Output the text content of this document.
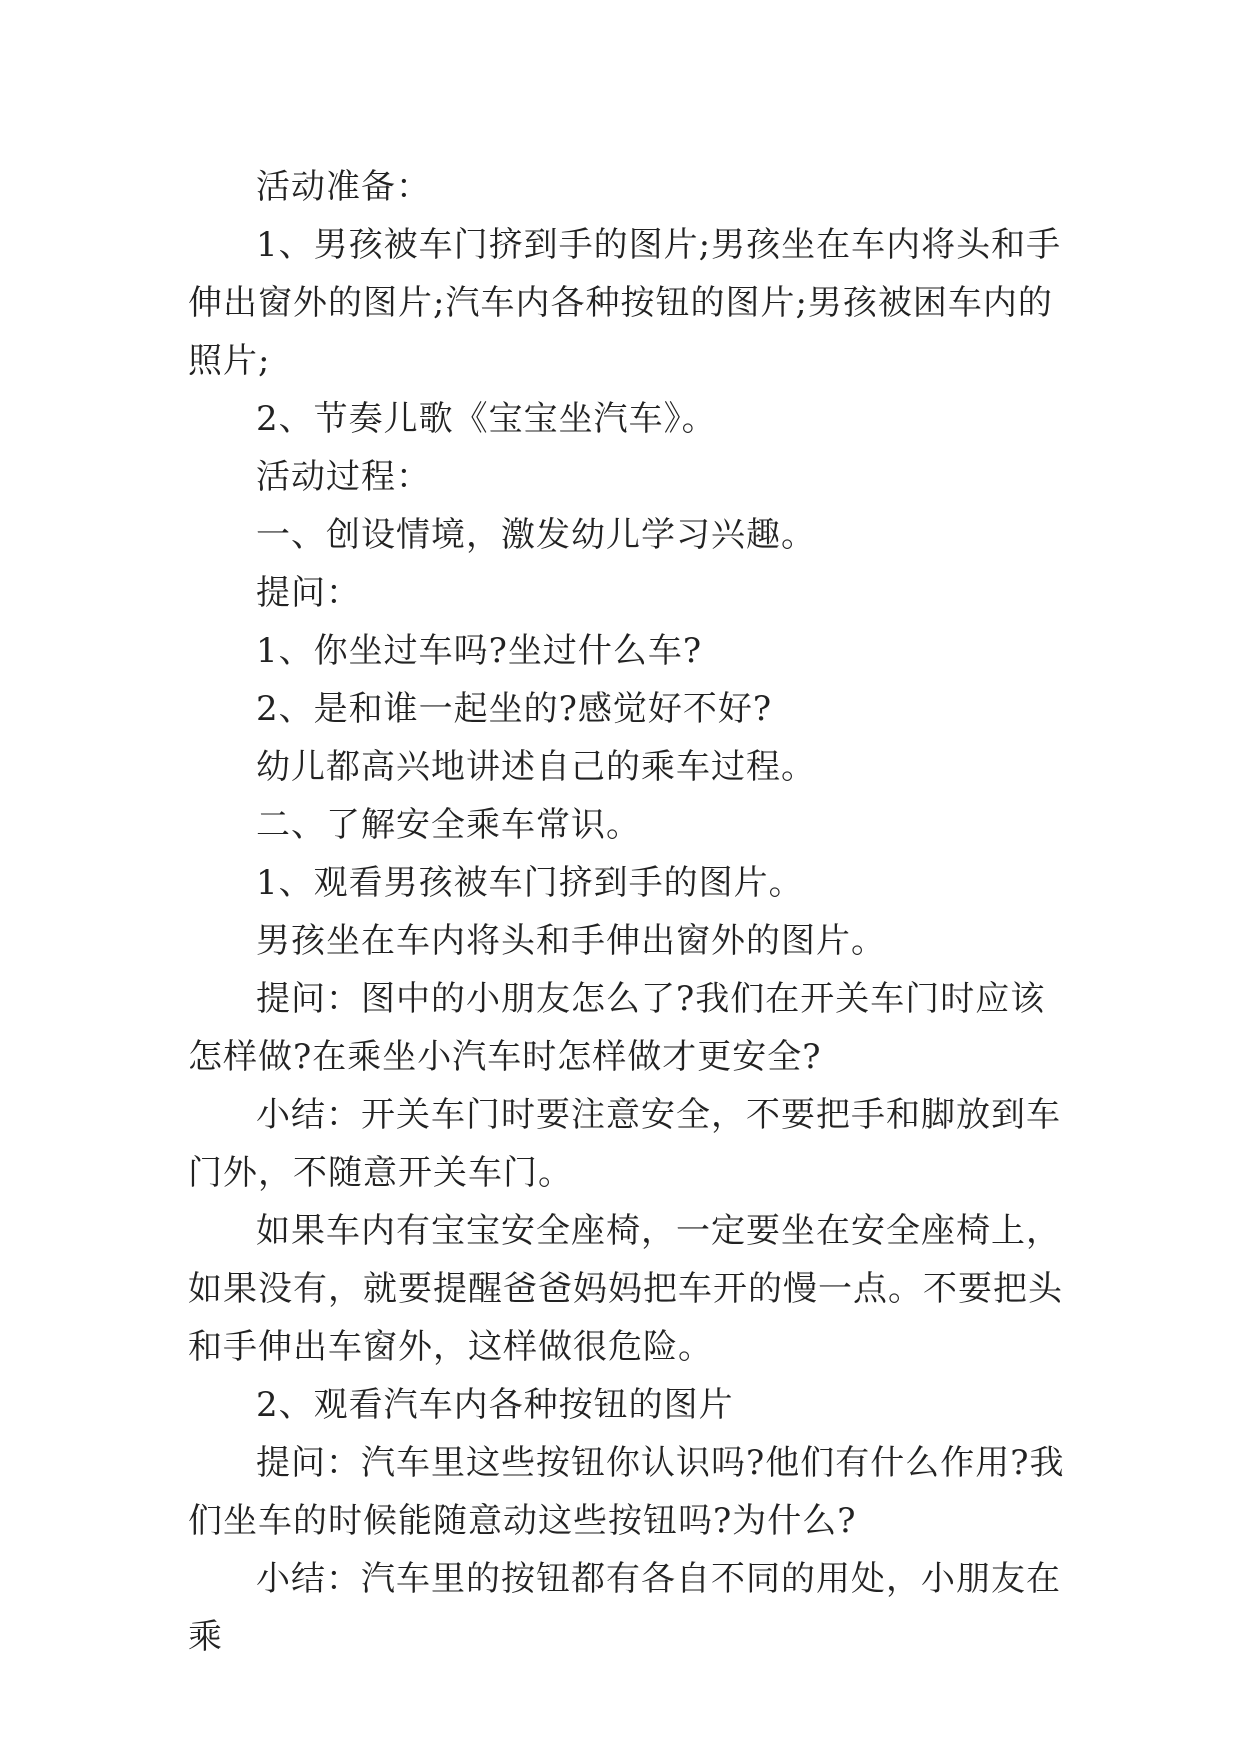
活动准备：

1、男孩被车门挤到手的图片;男孩坐在车内将头和手伸出窗外的图片;汽车内各种按钮的图片;男孩被困车内的照片;

2、节奏儿歌《宝宝坐汽车》。

活动过程：

一、创设情境，激发幼儿学习兴趣。

提问：

1、你坐过车吗?坐过什么车?

2、是和谁一起坐的?感觉好不好?

幼儿都高兴地讲述自己的乘车过程。

二、了解安全乘车常识。

1、观看男孩被车门挤到手的图片。

男孩坐在车内将头和手伸出窗外的图片。

提问：图中的小朋友怎么了?我们在开关车门时应该怎样做?在乘坐小汽车时怎样做才更安全?

小结：开关车门时要注意安全，不要把手和脚放到车门外，不随意开关车门。

如果车内有宝宝安全座椅，一定要坐在安全座椅上，如果没有，就要提醒爸爸妈妈把车开的慢一点。不要把头和手伸出车窗外，这样做很危险。

2、观看汽车内各种按钮的图片

提问：汽车里这些按钮你认识吗?他们有什么作用?我们坐车的时候能随意动这些按钮吗?为什么?

小结：汽车里的按钮都有各自不同的用处，小朋友在乘
